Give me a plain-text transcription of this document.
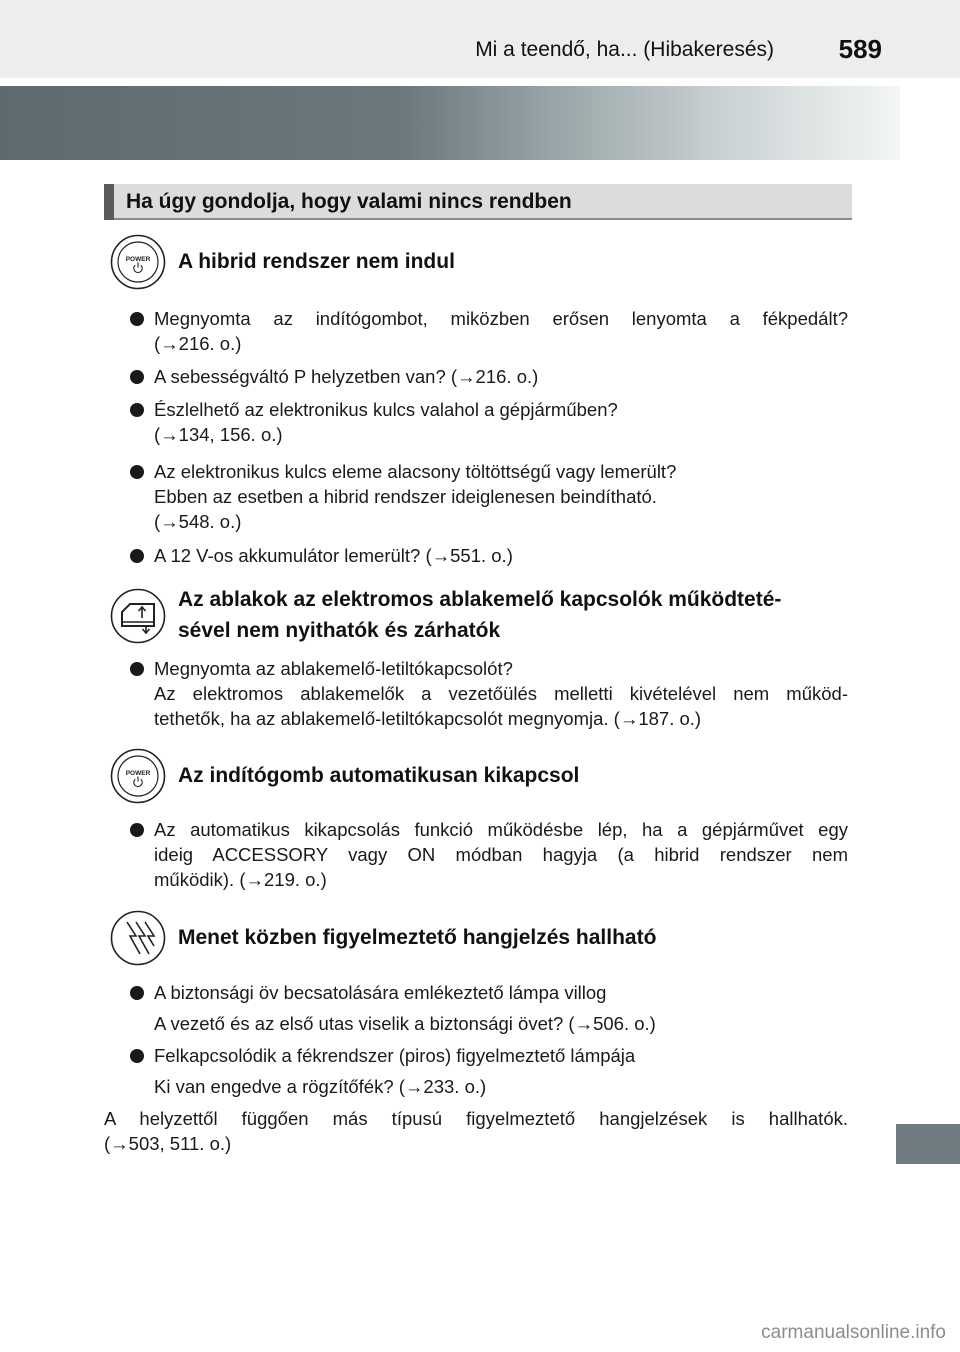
Mi a teendő, ha... (Hibakeresés) 589
Ha úgy gondolja, hogy valami nincs rendben
POWER A hibrid rendszer nem indul
Megnyomta az indítógombot, miközben erősen lenyomta a fékpedált?
(→216. o.)
A sebességváltó P helyzetben van? (→216. o.)
Észlelhető az elektronikus kulcs valahol a gépjárműben?
(→134, 156. o.)
Az elektronikus kulcs eleme alacsony töltöttségű vagy lemerült?
Ebben az esetben a hibrid rendszer ideiglenesen beindítható.
(→548. o.)
A 12 V-os akkumulátor lemerült? (→551. o.)
Az ablakok az elektromos ablakemelő kapcsolók működteté-
sével nem nyithatók és zárhatók
Megnyomta az ablakemelő-letiltókapcsolót?
Az elektromos ablakemelők a vezetőülés melletti kivételével nem működ-
tethetők, ha az ablakemelő-letiltókapcsolót megnyomja. (→187. o.)
POWER Az indítógomb automatikusan kikapcsol
Az automatikus kikapcsolás funkció működésbe lép, ha a gépjárművet egy
ideig ACCESSORY vagy ON módban hagyja (a hibrid rendszer nem
működik). (→219. o.)
Menet közben figyelmeztető hangjelzés hallható
A biztonsági öv becsatolására emlékeztető lámpa villog
A vezető és az első utas viselik a biztonsági övet? (→506. o.)
Felkapcsolódik a fékrendszer (piros) figyelmeztető lámpája
Ki van engedve a rögzítőfék? (→233. o.)
A helyzettől függően más típusú figyelmeztető hangjelzések is hallhatók.
(→503, 511. o.)
carmanualsonline.info
